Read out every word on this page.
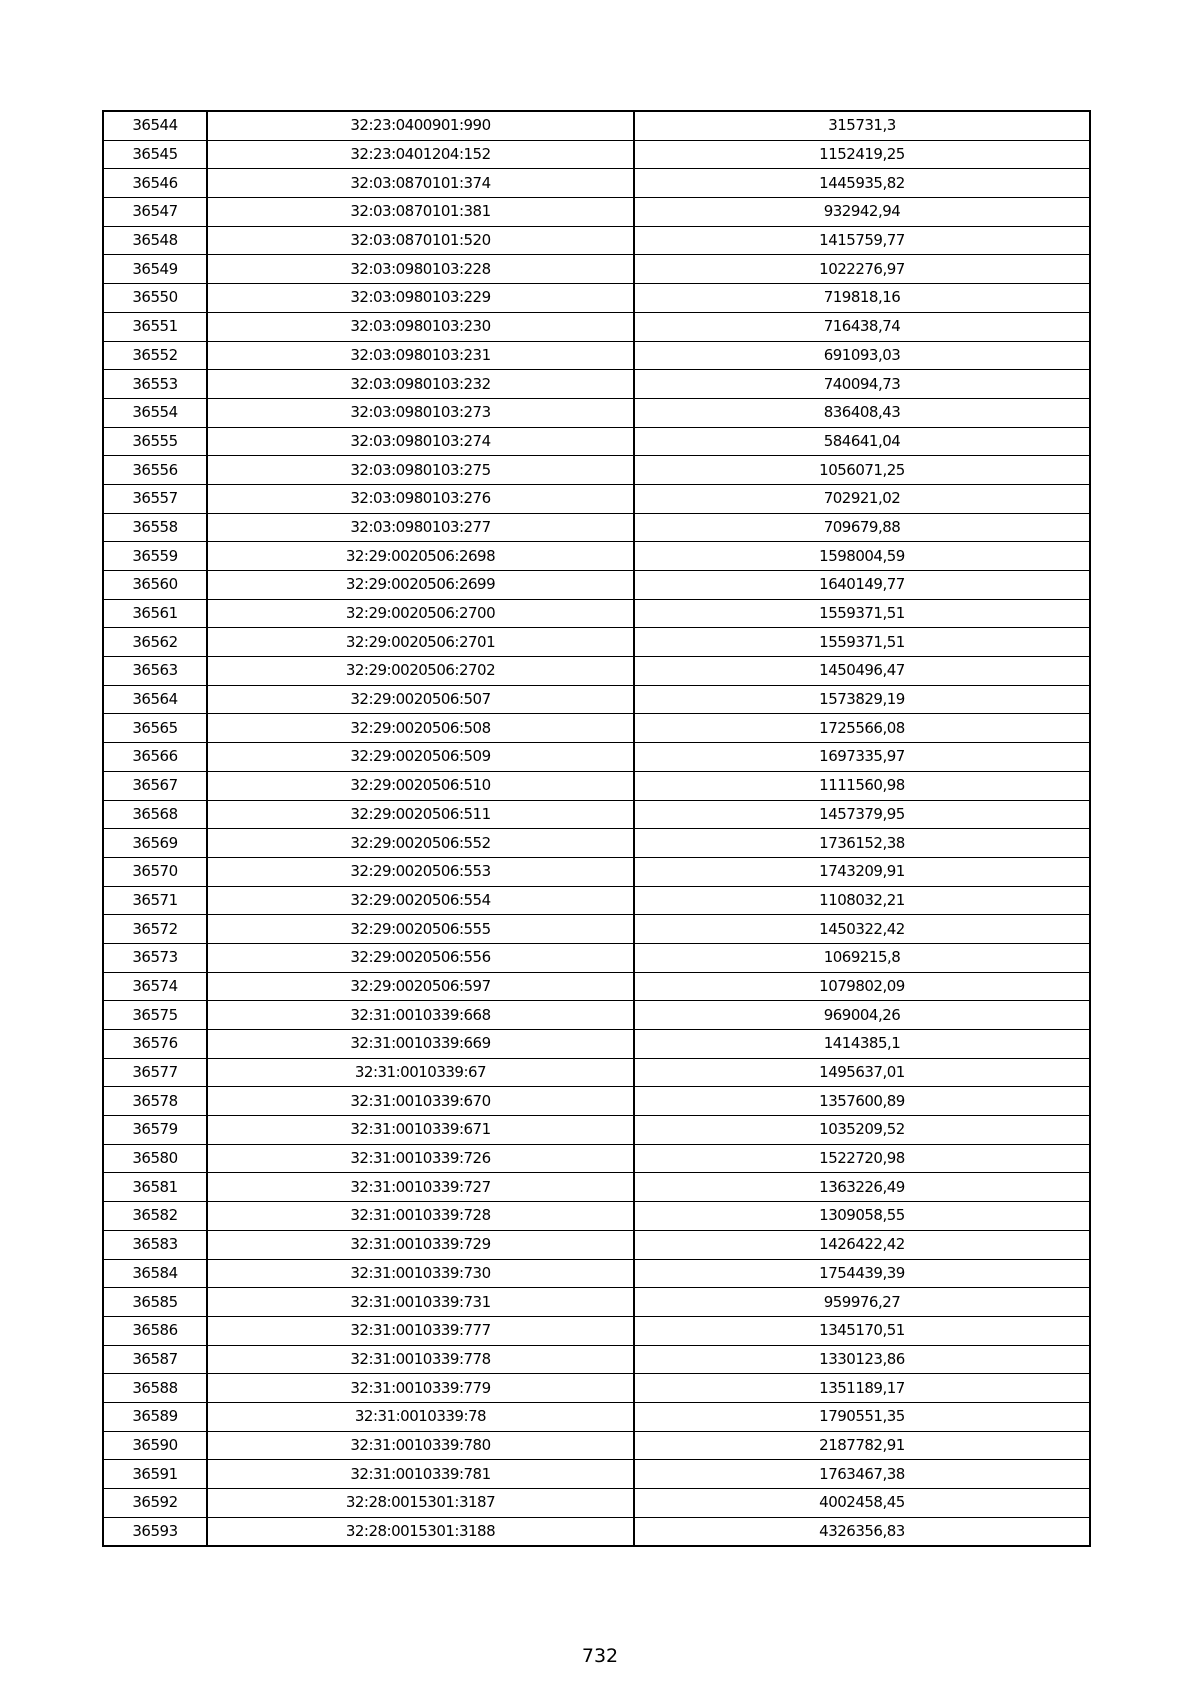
36544	32:23:0400901:990	315731,3
36545	32:23:0401204:152	1152419,25
36546	32:03:0870101:374	1445935,82
36547	32:03:0870101:381	932942,94
36548	32:03:0870101:520	1415759,77
36549	32:03:0980103:228	1022276,97
36550	32:03:0980103:229	719818,16
36551	32:03:0980103:230	716438,74
36552	32:03:0980103:231	691093,03
36553	32:03:0980103:232	740094,73
36554	32:03:0980103:273	836408,43
36555	32:03:0980103:274	584641,04
36556	32:03:0980103:275	1056071,25
36557	32:03:0980103:276	702921,02
36558	32:03:0980103:277	709679,88
36559	32:29:0020506:2698	1598004,59
36560	32:29:0020506:2699	1640149,77
36561	32:29:0020506:2700	1559371,51
36562	32:29:0020506:2701	1559371,51
36563	32:29:0020506:2702	1450496,47
36564	32:29:0020506:507	1573829,19
36565	32:29:0020506:508	1725566,08
36566	32:29:0020506:509	1697335,97
36567	32:29:0020506:510	1111560,98
36568	32:29:0020506:511	1457379,95
36569	32:29:0020506:552	1736152,38
36570	32:29:0020506:553	1743209,91
36571	32:29:0020506:554	1108032,21
36572	32:29:0020506:555	1450322,42
36573	32:29:0020506:556	1069215,8
36574	32:29:0020506:597	1079802,09
36575	32:31:0010339:668	969004,26
36576	32:31:0010339:669	1414385,1
36577	32:31:0010339:67	1495637,01
36578	32:31:0010339:670	1357600,89
36579	32:31:0010339:671	1035209,52
36580	32:31:0010339:726	1522720,98
36581	32:31:0010339:727	1363226,49
36582	32:31:0010339:728	1309058,55
36583	32:31:0010339:729	1426422,42
36584	32:31:0010339:730	1754439,39
36585	32:31:0010339:731	959976,27
36586	32:31:0010339:777	1345170,51
36587	32:31:0010339:778	1330123,86
36588	32:31:0010339:779	1351189,17
36589	32:31:0010339:78	1790551,35
36590	32:31:0010339:780	2187782,91
36591	32:31:0010339:781	1763467,38
36592	32:28:0015301:3187	4002458,45
36593	32:28:0015301:3188	4326356,83
732
